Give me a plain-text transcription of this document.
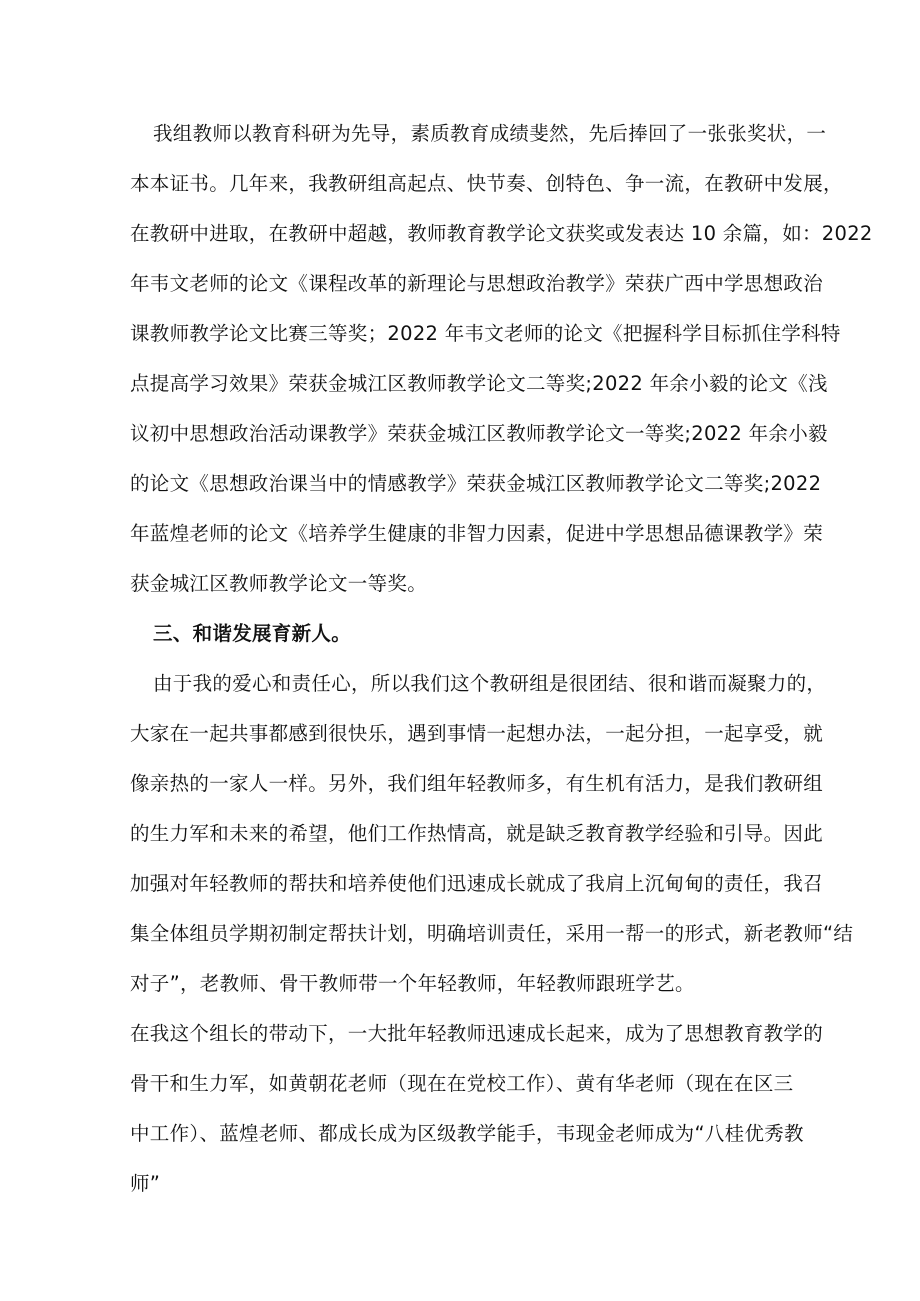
我组教师以教育科研为先导，素质教育成绩斐然，先后捧回了一张张奖状，一
本本证书。几年来，我教研组高起点、快节奏、创特色、争一流，在教研中发展，
在教研中进取，在教研中超越，教师教育教学论文获奖或发表达 10 余篇，如：2022
年韦文老师的论文《课程改革的新理论与思想政治教学》荣获广西中学思想政治
课教师教学论文比赛三等奖；2022 年韦文老师的论文《把握科学目标抓住学科特
点提高学习效果》荣获金城江区教师教学论文二等奖;2022 年余小毅的论文《浅
议初中思想政治活动课教学》荣获金城江区教师教学论文一等奖;2022 年余小毅
的论文《思想政治课当中的情感教学》荣获金城江区教师教学论文二等奖;2022
年蓝煌老师的论文《培养学生健康的非智力因素，促进中学思想品德课教学》荣
获金城江区教师教学论文一等奖。
三、和谐发展育新人。
由于我的爱心和责任心，所以我们这个教研组是很团结、很和谐而凝聚力的，
大家在一起共事都感到很快乐，遇到事情一起想办法，一起分担，一起享受，就
像亲热的一家人一样。另外，我们组年轻教师多，有生机有活力，是我们教研组
的生力军和未来的希望，他们工作热情高，就是缺乏教育教学经验和引导。因此
加强对年轻教师的帮扶和培养使他们迅速成长就成了我肩上沉甸甸的责任，我召
集全体组员学期初制定帮扶计划，明确培训责任，采用一帮一的形式，新老教师“结
对子”，老教师、骨干教师带一个年轻教师，年轻教师跟班学艺。
在我这个组长的带动下，一大批年轻教师迅速成长起来，成为了思想教育教学的
骨干和生力军，如黄朝花老师（现在在党校工作）、黄有华老师（现在在区三
中工作）、蓝煌老师、都成长成为区级教学能手，韦现金老师成为“八桂优秀教
师”
